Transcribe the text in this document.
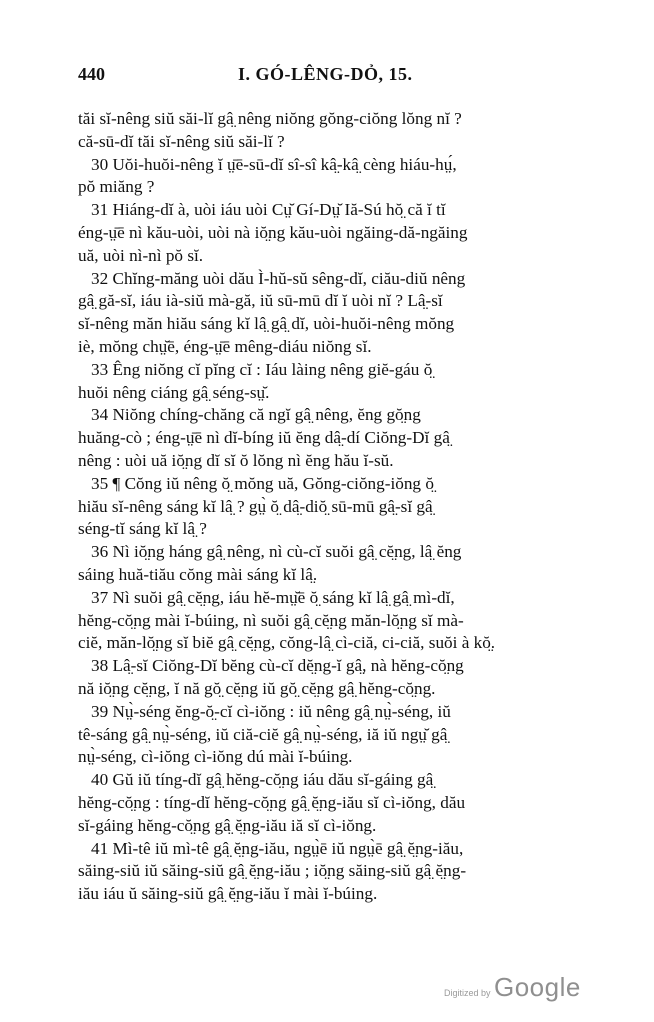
440	I. GÓ-LÊNG-DỎ, 15.
tăi sĭ-nêng siŭ săi-lĭ gâ̤ nêng niŏng gŏng-ciŏng lŏng nĭ ?
că-sū-dĭ tăi sĭ-nêng siŭ săi-lĭ ?
30 Uŏi-huŏi-nêng ĭ ṳ̄ē-sū-dĭ sî-sî kâ̤-kâ̤ cèng hiáu-hṳ́,
pŏ miăng ?
31 Hiáng-dĭ à, uòi iáu uòi Cṳ̆ Gí-Dṳ̆ Iă-Sú hŏ̤ că ĭ tĭ
éng-ṳ̄ē nì kău-uòi, uòi nà iŏ̤ng kău-uòi ngăing-dă-ngăing
uă, uòi nì-nì pŏ sĭ.
32 Chĭng-măng uòi dău Ì-hŭ-sŭ sêng-dĭ, ciău-diŭ nêng
gâ̤ gă-sĭ, iáu ià-siŭ mà-gă, iŭ sū-mū dĭ ĭ uòi nĭ ? Lâ̤-sĭ
sĭ-nêng măn hiău sáng kĭ lâ̤ gâ̤ dĭ, uòi-huŏi-nêng mŏng
iè, mŏng chṳ̆ē, éng-ṳ̄ē mêng-diáu niŏng sĭ.
33 Êng niŏng cĭ pĭng cĭ : Iáu làing nêng giĕ-gáu ŏ̤
huŏi nêng ciáng gâ̤ séng-sṳ̆.
34 Niŏng chíng-chăng că ngĭ gâ̤ nêng, ĕng gŏ̤ng
huăng-cò ; éng-ṳ̄ē nì dĭ-bíng iŭ ĕng dâ̤-dí Ciŏng-Dĭ gâ̤
nêng : uòi uă iŏ̤ng dĭ sĭ ŏ lŏng nì ĕng hău ĭ-sŭ.
35 ¶ Cŏng iŭ nêng ŏ̤ mŏng uă, Gŏng-ciŏng-iŏng ŏ̤
hiău sĭ-nêng sáng kĭ lâ̤ ? gṳ̀ ŏ̤ dâ̤-diŏ̤ sū-mū gâ̤-sĭ gâ̤
séng-tĭ sáng kĭ lâ̤ ?
36 Nì iŏ̤ng háng gâ̤ nêng, nì cù-cĭ suŏi gâ̤ cĕ̤ng, lâ̤ ĕng
sáing huă-tiău cŏng mài sáng kĭ lâ̤.
37 Nì suŏi gâ̤ cĕ̤ng, iáu hĕ-mṳ̆ē ŏ̤ sáng kĭ lâ̤ gâ̤ mì-dĭ,
hĕng-cŏ̤ng mài ĭ-búing, nì suŏi gâ̤ cĕ̤ng măn-lŏ̤ng sĭ mà-
ciĕ, măn-lŏ̤ng sĭ biĕ gâ̤ cĕ̤ng, cŏng-lâ̤ cì-ciă, ci-ciă, suŏi à kŏ̤.
38 Lâ̤-sĭ Ciŏng-Dĭ bĕng cù-cĭ dĕ̤ng-ĭ gâ̤, nà hĕng-cŏ̤ng
nă iŏ̤ng cĕ̤ng, ĭ nă gŏ̤ cĕ̤ng iŭ gŏ̤ cĕ̤ng gâ̤ hĕng-cŏ̤ng.
39 Nṳ̀-séng ĕng-ŏ̤-cĭ cì-iŏng : iŭ nêng gâ̤ nṳ̀-séng, iŭ
tê-sáng gâ̤ nṳ̀-séng, iŭ ciă-ciĕ gâ̤ nṳ̀-séng, iă iŭ ngṳ̆ gâ̤
nṳ̀-séng, cì-iŏng cì-iŏng dú mài ĭ-búing.
40 Gŭ iŭ tíng-dĭ gâ̤ hĕng-cŏ̤ng iáu dău sĭ-gáing gâ̤
hĕng-cŏ̤ng : tíng-dĭ hĕng-cŏ̤ng gâ̤ ĕ̤ng-iău sĭ cì-iŏng, dău
sĭ-gáing hĕng-cŏ̤ng gâ̤ ĕ̤ng-iău iă sĭ cì-iŏng.
41 Mì-tê iŭ mì-tê gâ̤ ĕ̤ng-iău, ngṳ̀ē iŭ ngṳ̀ē gâ̤ ĕ̤ng-iău,
săing-siŭ iŭ săing-siŭ gâ̤ ĕ̤ng-iău ; iŏ̤ng săing-siŭ gâ̤ ĕ̤ng-
iău iáu ŭ săing-siŭ gâ̤ ĕ̤ng-iău ĭ mài ĭ-búing.
Digitized by Google
